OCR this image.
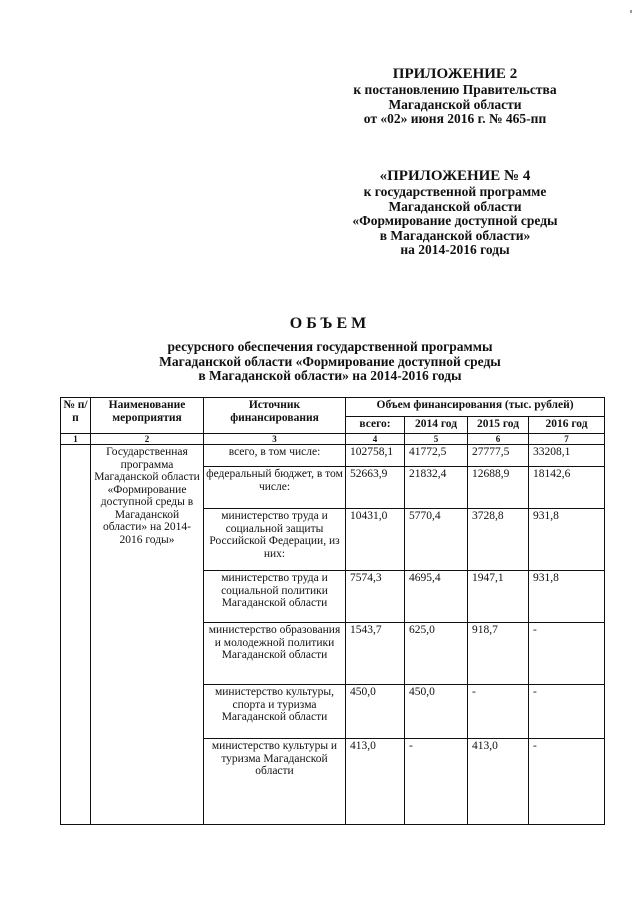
ПРИЛОЖЕНИЕ 2
к постановлению Правительства
Магаданской области
от «02» июня 2016 г. № 465-пп
«ПРИЛОЖЕНИЕ № 4
к государственной программе
Магаданской области
«Формирование доступной среды
в Магаданской области»
на 2014-2016 годы
ОБЪЕМ
ресурсного обеспечения государственной программы
Магаданской области «Формирование доступной среды
в Магаданской области» на 2014-2016 годы
№ п/п	Наименование мероприятия	Источник финансирования	Объем финансирования (тыс. рублей)			
			всего:	2014 год	2015 год	2016 год
1	2	3	4	5	6	7
	Государственная программа Магаданской области «Формирование доступной среды в Магаданской области» на 2014-2016 годы»	всего, в том числе:	102758,1	41772,5	27777,5	33208,1
		федеральный бюджет, в том числе:	52663,9	21832,4	12688,9	18142,6
		министерство труда и социальной защиты Российской Федерации, из них:	10431,0	5770,4	3728,8	931,8
		министерство труда и социальной политики Магаданской области	7574,3	4695,4	1947,1	931,8
		министерство образования и молодежной политики Магаданской области	1543,7	625,0	918,7	-
		министерство культуры, спорта и туризма Магаданской области	450,0	450,0	-	-
		министерство культуры и туризма Магаданской области	413,0	-	413,0	-
